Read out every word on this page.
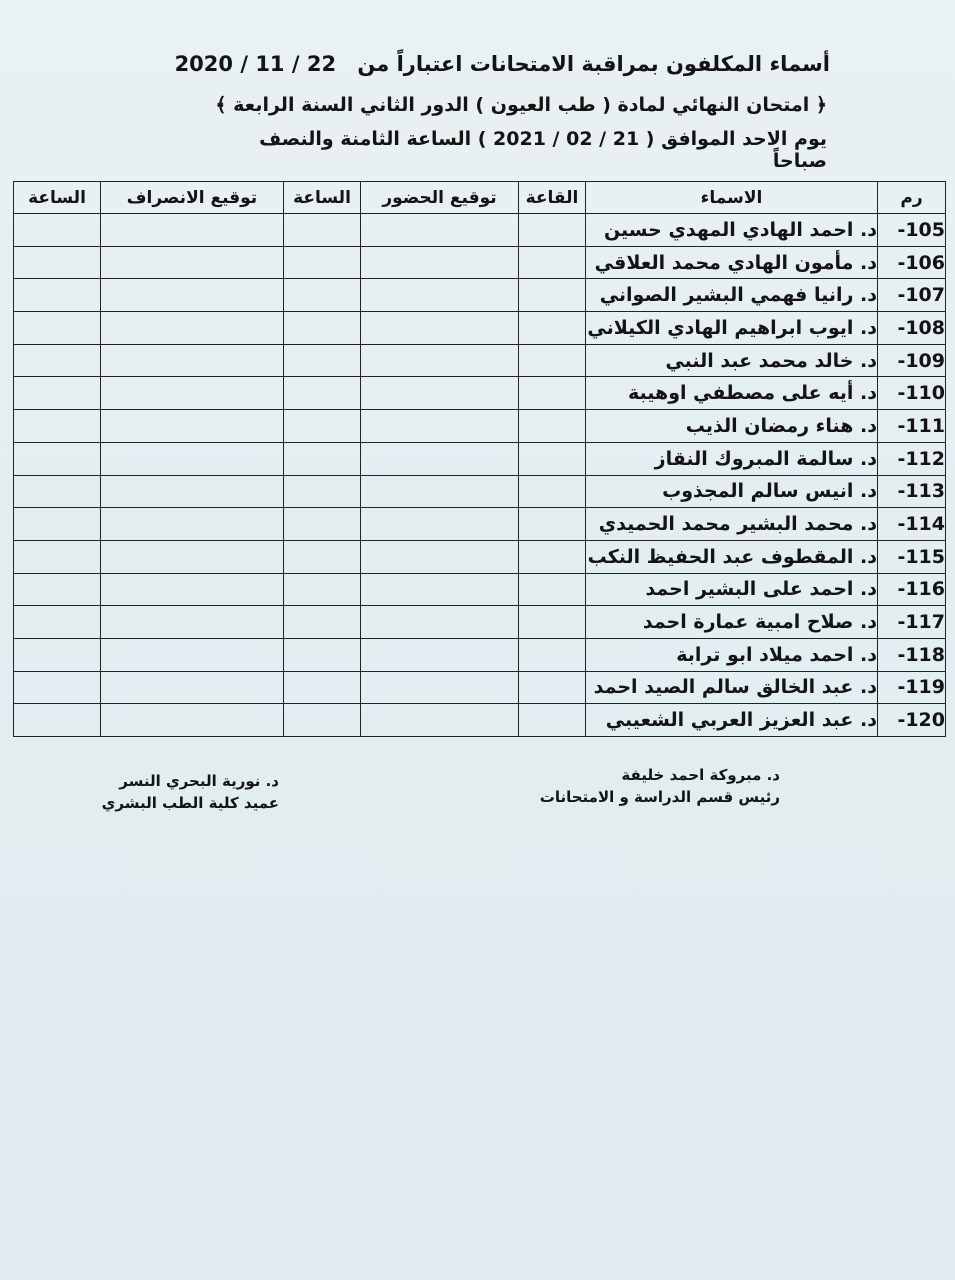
أسماء المكلفون بمراقبة الامتحانات اعتباراً من 22 / 11 / 2020
﴿ امتحان النهائي لمادة ( طب العيون ) الدور الثاني السنة الرابعة ﴾
يوم الاحد الموافق ( 21 / 02 / 2021 ) الساعة الثامنة والنصف
صباحاً
رم	الاسماء	القاعة	توقيع الحضور	الساعة	توقيع الانصراف	الساعة
105-	د. احمد الهادي المهدي حسين					
106-	د. مأمون الهادي محمد العلاقي					
107-	د. رانيا فهمي البشير الصواني					
108-	د. ايوب ابراهيم الهادي الكيلاني					
109-	د. خالد محمد عبد النبي					
110-	د. أيه على مصطفي اوهيبة					
111-	د. هناء رمضان الذيب					
112-	د. سالمة المبروك النقاز					
113-	د. انيس سالم المجذوب					
114-	د. محمد البشير محمد الحميدي					
115-	د. المقطوف عبد الحفيظ النكب					
116-	د. احمد على البشير احمد					
117-	د. صلاح امبية عمارة احمد					
118-	د. احمد ميلاد ابو ترابة					
119-	د. عبد الخالق سالم الصيد احمد					
120-	د. عبد العزيز العربي الشعيبي					
د. مبروكة احمد خليفة
رئيس قسم الدراسة و الامتحانات
د. نورية البحري النسر
عميد كلية الطب البشري
